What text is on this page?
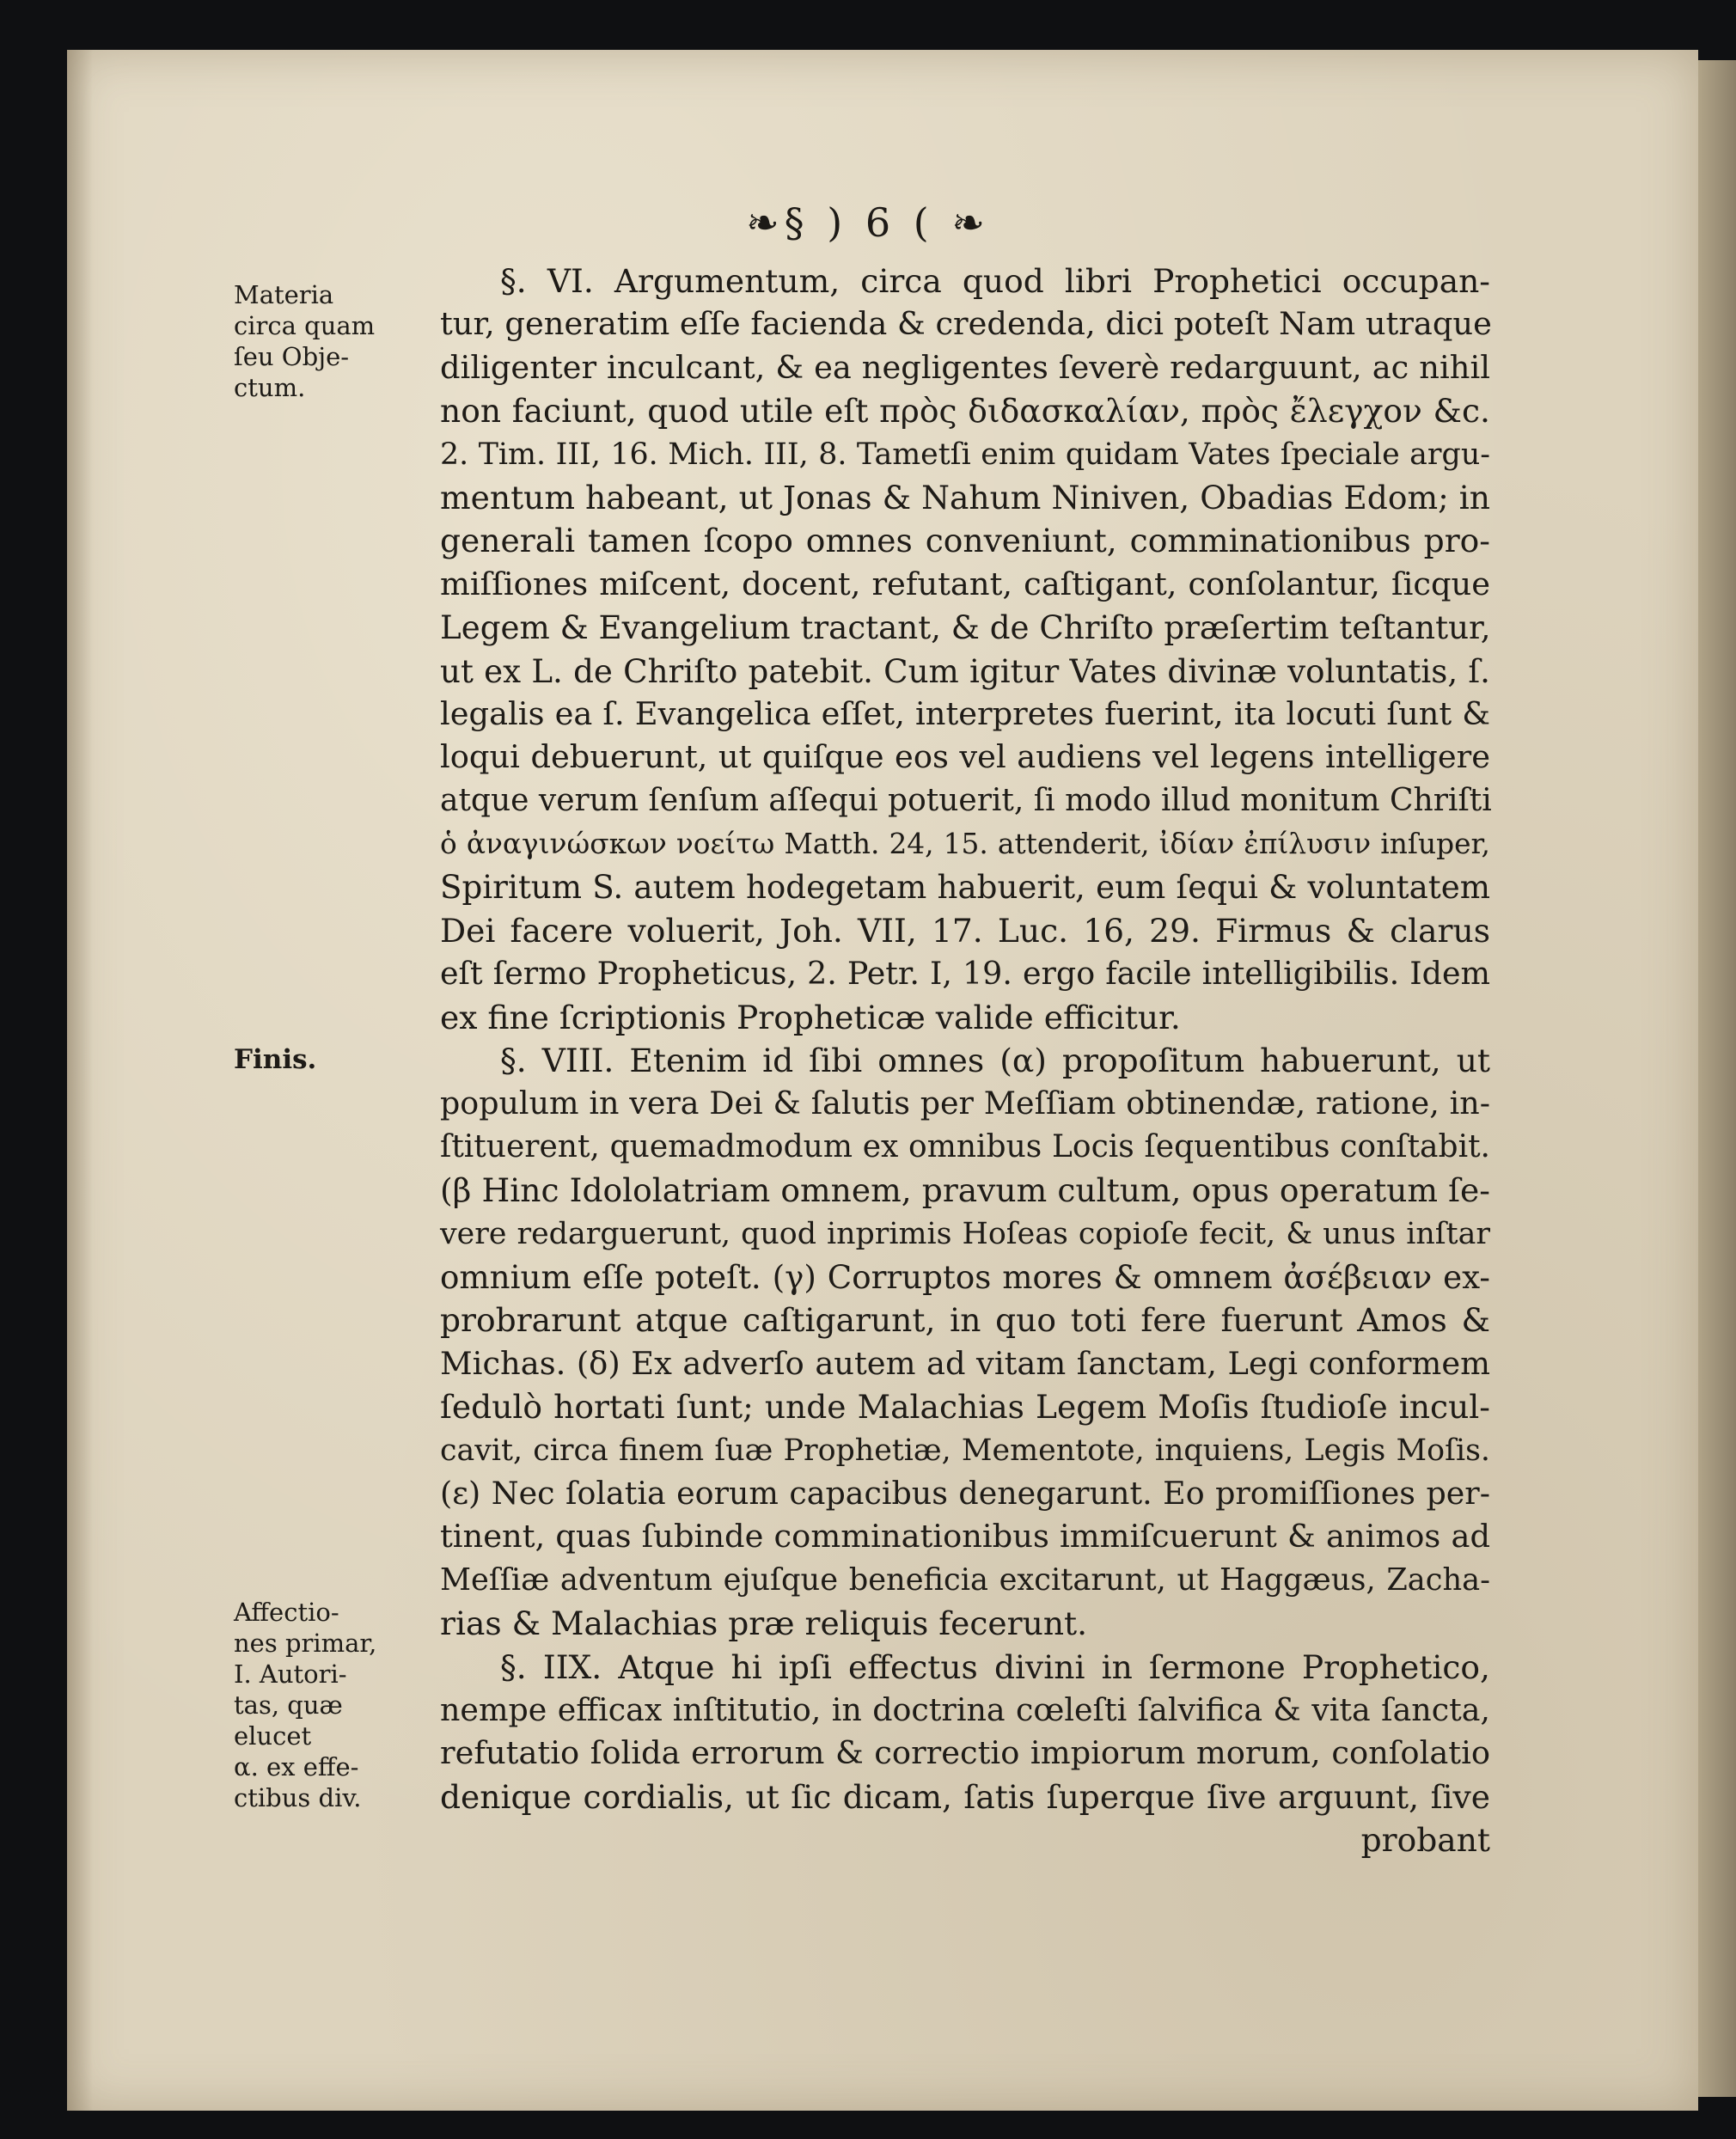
❧§ ) 6 ( ❧
Materia
circa quam
ſeu Obje-
ctum.
Finis.
Affectio-
nes primar,
I. Autori-
tas, quæ
elucet
α. ex effe-
ctibus div.
§. VI. Argumentum, circa quod libri Prophetici occupan-
tur, generatim eſſe facienda & credenda, dici poteſt Nam utraque
diligenter inculcant, & ea negligentes ſeverè redarguunt, ac nihil
non faciunt, quod utile eſt πρὸς διδασκαλίαν, πρὸς ἔλεγχον &c.
2. Tim. III, 16. Mich. III, 8. Tametſi enim quidam Vates ſpeciale argu-
mentum habeant, ut Jonas & Nahum Niniven, Obadias Edom; in
generali tamen ſcopo omnes conveniunt, comminationibus pro-
miſſiones miſcent, docent, refutant, caſtigant, conſolantur, ſicque
Legem & Evangelium tractant, & de Chriſto præſertim teſtantur,
ut ex L. de Chriſto patebit. Cum igitur Vates divinæ voluntatis, ſ.
legalis ea ſ. Evangelica eſſet, interpretes fuerint, ita locuti ſunt &
loqui debuerunt, ut quiſque eos vel audiens vel legens intelligere
atque verum ſenſum aſſequi potuerit, ſi modo illud monitum Chriſti
ὁ ἀναγινώσκων νοείτω Matth. 24, 15. attenderit, ἰδίαν ἐπίλυσιν inſuper,
Spiritum S. autem hodegetam habuerit, eum ſequi & voluntatem
Dei facere voluerit, Joh. VII, 17. Luc. 16, 29. Firmus & clarus
eſt ſermo Propheticus, 2. Petr. I, 19. ergo facile intelligibilis. Idem
ex fine ſcriptionis Propheticæ valide efficitur.
§. VIII. Etenim id ſibi omnes (α) propoſitum habuerunt, ut
populum in vera Dei & ſalutis per Meſſiam obtinendæ, ratione, in-
ſtituerent, quemadmodum ex omnibus Locis ſequentibus conſtabit.
(β Hinc Idololatriam omnem, pravum cultum, opus operatum ſe-
vere redarguerunt, quod inprimis Hoſeas copioſe fecit, & unus inſtar
omnium eſſe poteſt. (γ) Corruptos mores & omnem ἀσέβειαν ex-
probrarunt atque caſtigarunt, in quo toti fere fuerunt Amos &
Michas. (δ) Ex adverſo autem ad vitam ſanctam, Legi conformem
ſedulò hortati ſunt; unde Malachias Legem Moſis ſtudioſe incul-
cavit, circa finem ſuæ Prophetiæ, Mementote, inquiens, Legis Moſis.
(ε) Nec ſolatia eorum capacibus denegarunt. Eo promiſſiones per-
tinent, quas ſubinde comminationibus immiſcuerunt & animos ad
Meſſiæ adventum ejuſque beneficia excitarunt, ut Haggæus, Zacha-
rias & Malachias præ reliquis fecerunt.
§. IIX. Atque hi ipſi effectus divini in ſermone Prophetico,
nempe efficax inſtitutio, in doctrina cœleſti ſalvifica & vita ſancta,
refutatio ſolida errorum & correctio impiorum morum, conſolatio
denique cordialis, ut ſic dicam, ſatis ſuperque ſive arguunt, ſive
probant
